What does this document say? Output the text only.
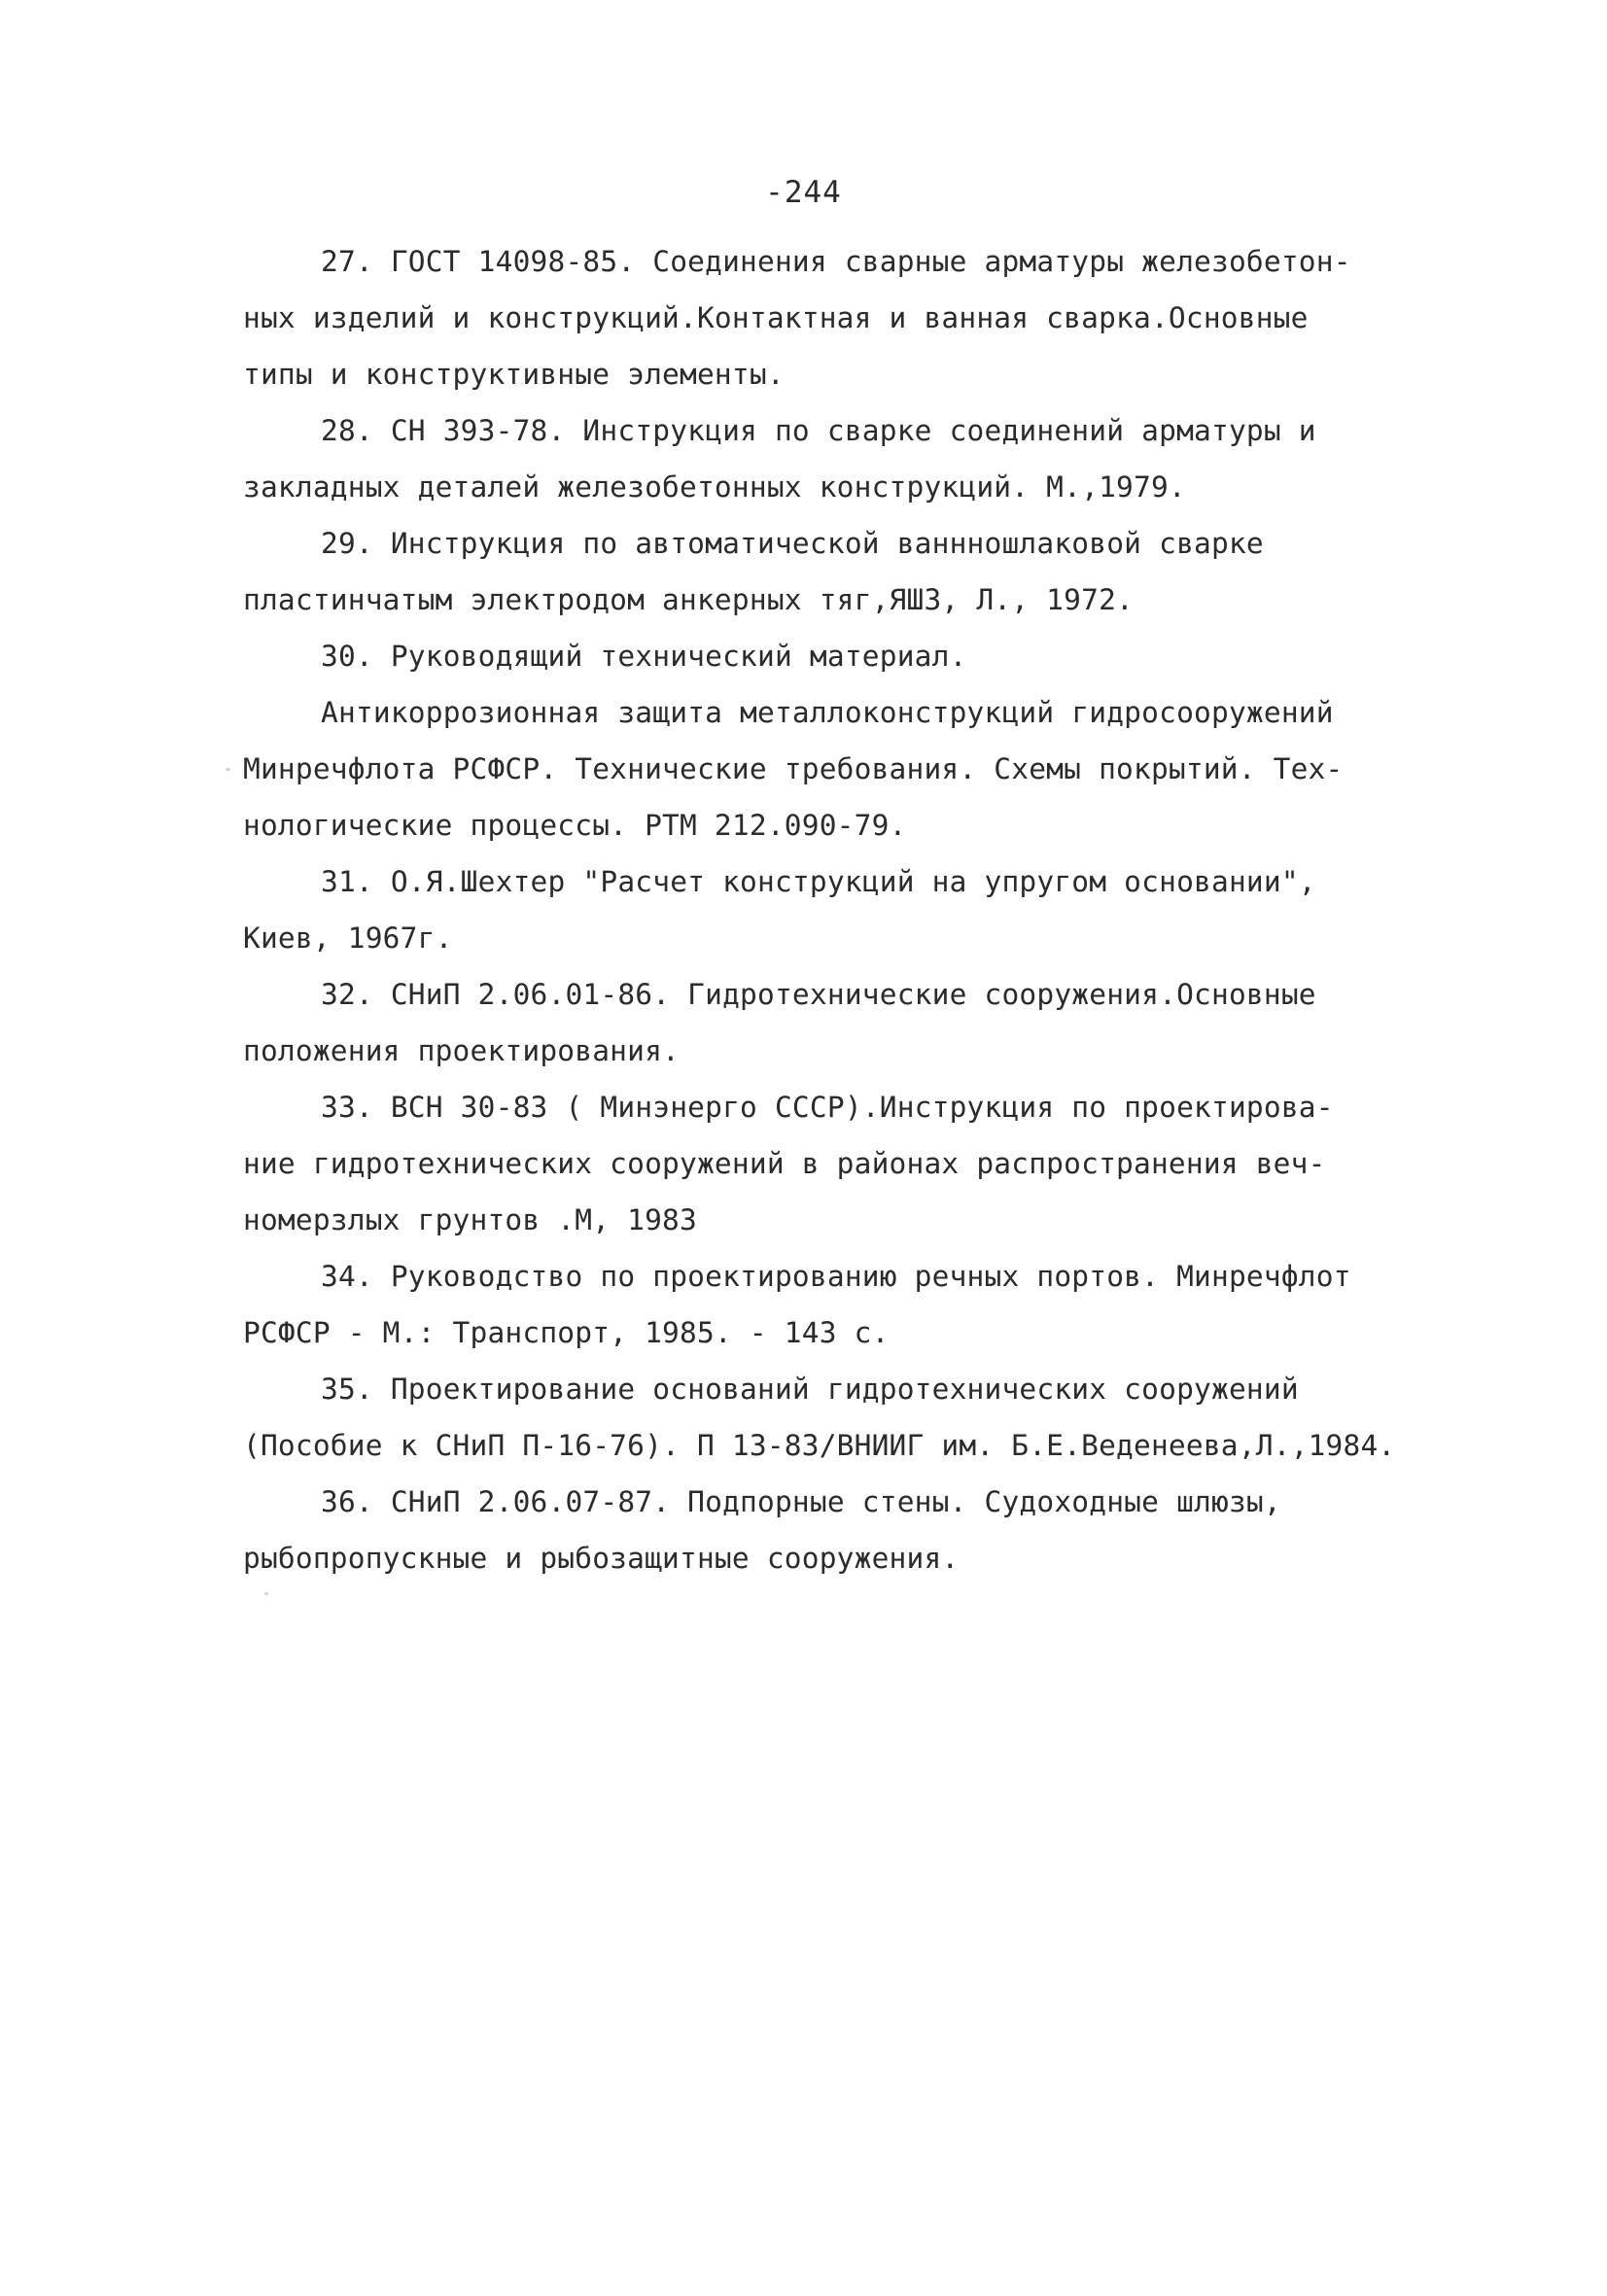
-244
27. ГОСТ 14098-85. Соединения сварные арматуры железобетон-
ных изделий и конструкций.Контактная и ванная сварка.Основные
типы и конструктивные элементы.
28. СН 393-78. Инструкция по сварке соединений арматуры и
закладных деталей железобетонных конструкций. М.,1979.
29. Инструкция по автоматической ваннношлаковой сварке
пластинчатым электродом анкерных тяг,ЯШЗ, Л., 1972.
30. Руководящий технический материал.
Антикоррозионная защита металлоконструкций гидросооружений
Минречфлота РСФСР. Технические требования. Схемы покрытий. Тех-
нологические процессы. РТМ 212.090-79.
31. О.Я.Шехтер "Расчет конструкций на упругом основании",
Киев, 1967г.
32. СНиП 2.06.01-86. Гидротехнические сооружения.Основные
положения проектирования.
33. ВСН 30-83 ( Минэнерго СССР).Инструкция по проектирова-
ние гидротехнических сооружений в районах распространения веч-
номерзлых грунтов .М, 1983
34. Руководство по проектированию речных портов. Минречфлот
РСФСР - М.: Транспорт, 1985. - 143 с.
35. Проектирование оснований гидротехнических сооружений
(Пособие к СНиП П-16-76). П 13-83/ВНИИГ им. Б.Е.Веденеева,Л.,1984.
36. СНиП 2.06.07-87. Подпорные стены. Судоходные шлюзы,
рыбопропускные и рыбозащитные сооружения.
